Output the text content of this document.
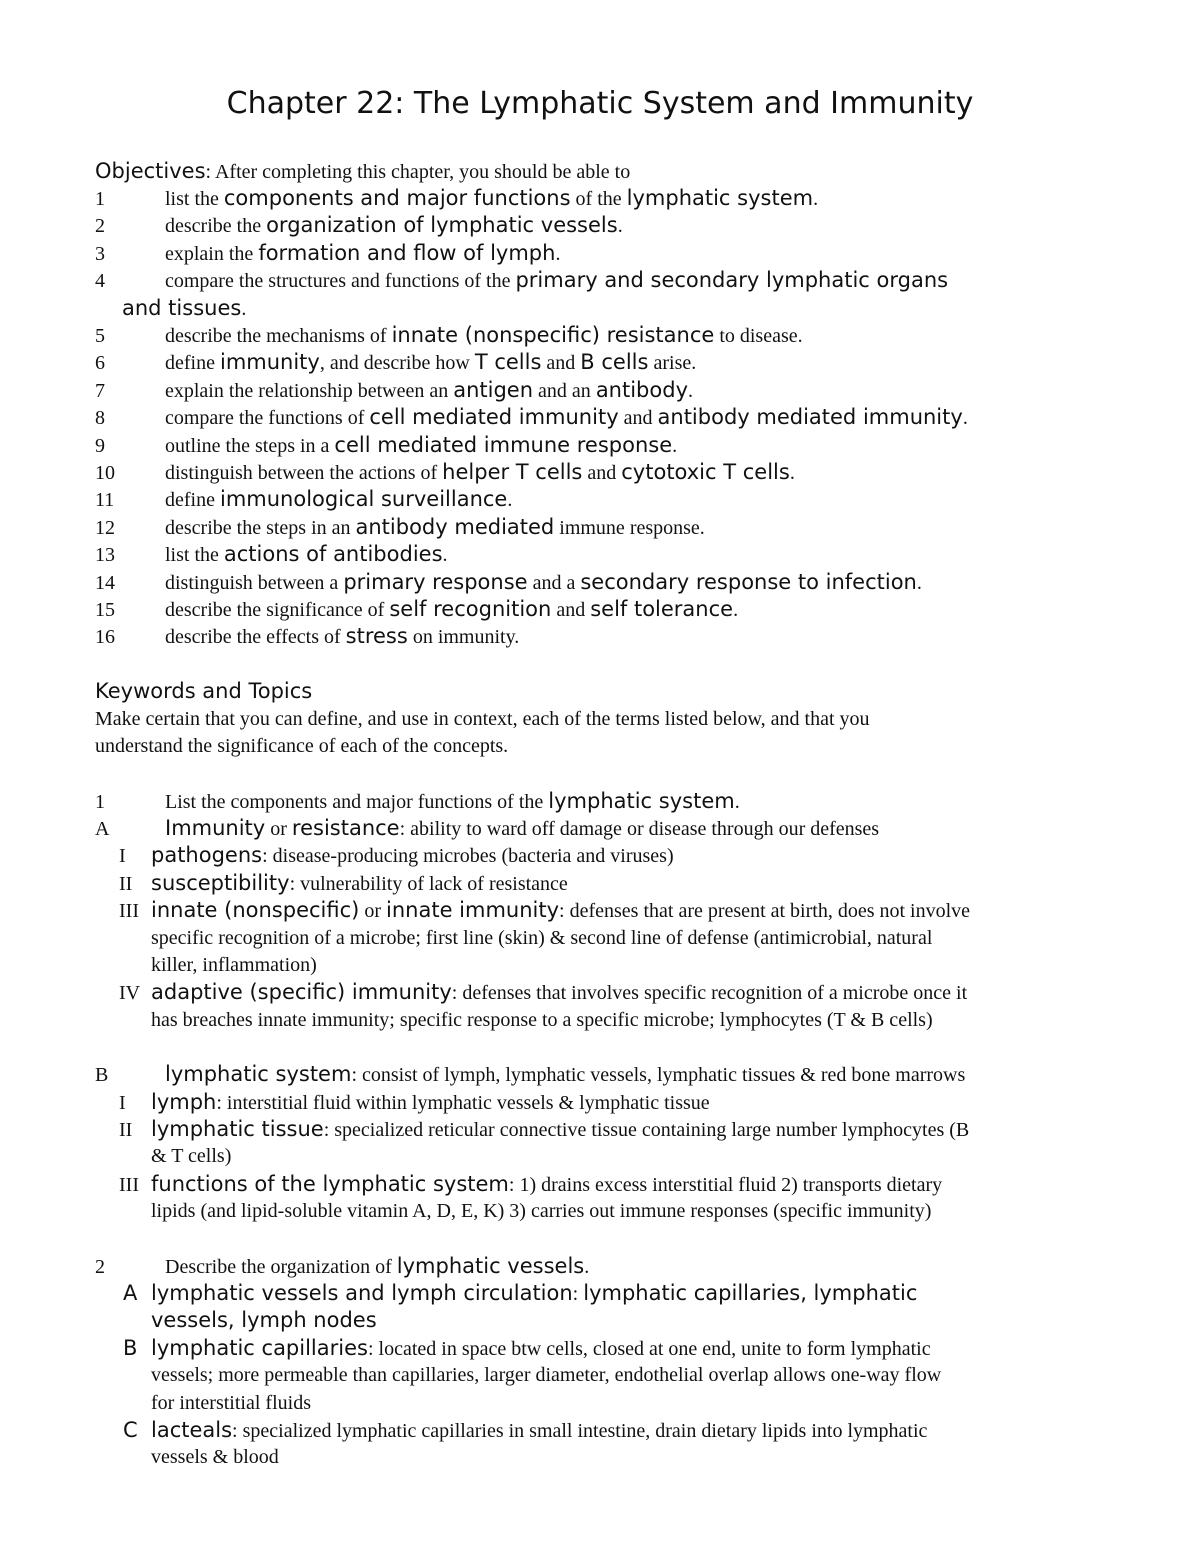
Chapter 22: The Lymphatic System and Immunity
Objectives: After completing this chapter, you should be able to
1	list the components and major functions of the lymphatic system.
2	describe the organization of lymphatic vessels.
3	explain the formation and flow of lymph.
4	compare the structures and functions of the primary and secondary lymphatic organs
and tissues.
5	describe the mechanisms of innate (nonspecific) resistance to disease.
6	define immunity, and describe how T cells and B cells arise.
7	explain the relationship between an antigen and an antibody.
8	compare the functions of cell mediated immunity and antibody mediated immunity.
9	outline the steps in a cell mediated immune response.
10	distinguish between the actions of helper T cells and cytotoxic T cells.
11	define immunological surveillance.
12	describe the steps in an antibody mediated immune response.
13	list the actions of antibodies.
14	distinguish between a primary response and a secondary response to infection.
15	describe the significance of self recognition and self tolerance.
16	describe the effects of stress on immunity.
Keywords and Topics
Make certain that you can define, and use in context, each of the terms listed below, and that you
understand the significance of each of the concepts.
1	List the components and major functions of the lymphatic system.
A	Immunity or resistance: ability to ward off damage or disease through our defenses
I pathogens: disease-producing microbes (bacteria and viruses)
II susceptibility: vulnerability of lack of resistance
III innate (nonspecific) or innate immunity: defenses that are present at birth, does not involve
specific recognition of a microbe; first line (skin) & second line of defense (antimicrobial, natural
killer, inflammation)
IV adaptive (specific) immunity: defenses that involves specific recognition of a microbe once it
has breaches innate immunity; specific response to a specific microbe; lymphocytes (T & B cells)
B	lymphatic system: consist of lymph, lymphatic vessels, lymphatic tissues & red bone marrows
I lymph: interstitial fluid within lymphatic vessels & lymphatic tissue
II lymphatic tissue: specialized reticular connective tissue containing large number lymphocytes (B
& T cells)
III functions of the lymphatic system: 1) drains excess interstitial fluid 2) transports dietary
lipids (and lipid-soluble vitamin A, D, E, K) 3) carries out immune responses (specific immunity)
2	Describe the organization of lymphatic vessels.
A lymphatic vessels and lymph circulation: lymphatic capillaries, lymphatic
vessels, lymph nodes
B lymphatic capillaries: located in space btw cells, closed at one end, unite to form lymphatic
vessels; more permeable than capillaries, larger diameter, endothelial overlap allows one-way flow
for interstitial fluids
C lacteals: specialized lymphatic capillaries in small intestine, drain dietary lipids into lymphatic
vessels & blood
